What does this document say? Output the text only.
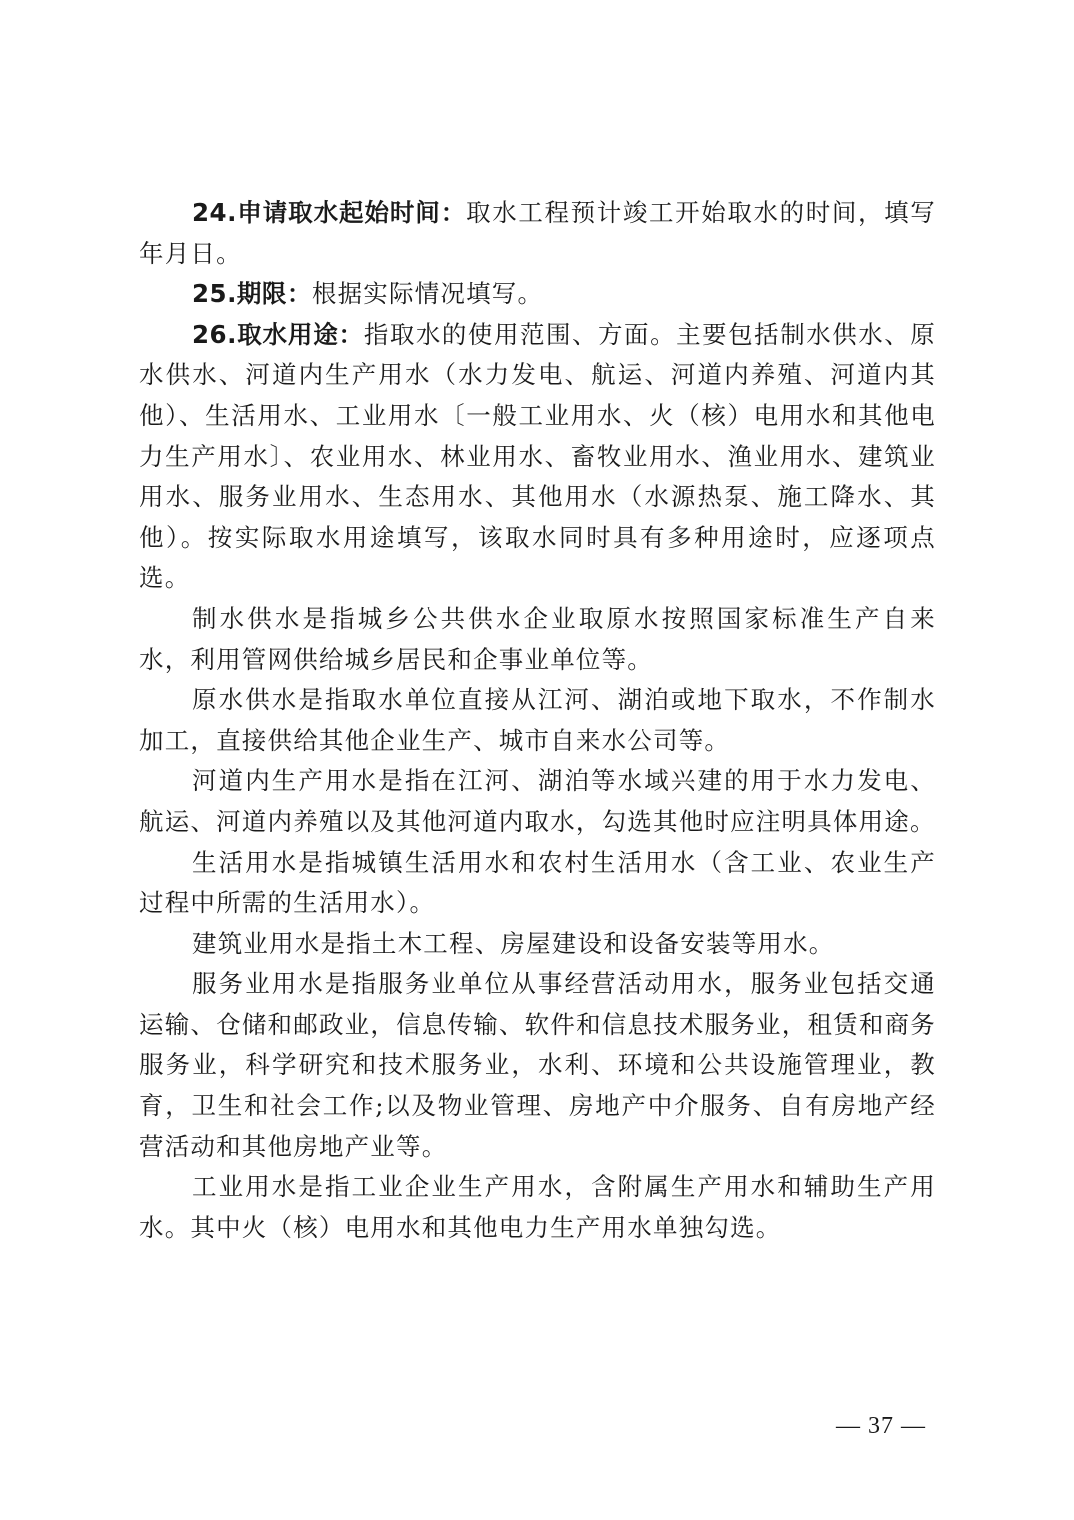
24.申请取水起始时间：取水工程预计竣工开始取水的时间，填写年月日。

25.期限：根据实际情况填写。

26.取水用途：指取水的使用范围、方面。主要包括制水供水、原水供水、河道内生产用水（水力发电、航运、河道内养殖、河道内其他）、生活用水、工业用水〔一般工业用水、火（核）电用水和其他电力生产用水〕、农业用水、林业用水、畜牧业用水、渔业用水、建筑业用水、服务业用水、生态用水、其他用水（水源热泵、施工降水、其他）。按实际取水用途填写，该取水同时具有多种用途时，应逐项点选。

制水供水是指城乡公共供水企业取原水按照国家标准生产自来水，利用管网供给城乡居民和企事业单位等。

原水供水是指取水单位直接从江河、湖泊或地下取水，不作制水加工，直接供给其他企业生产、城市自来水公司等。

河道内生产用水是指在江河、湖泊等水域兴建的用于水力发电、航运、河道内养殖以及其他河道内取水，勾选其他时应注明具体用途。

生活用水是指城镇生活用水和农村生活用水（含工业、农业生产过程中所需的生活用水）。

建筑业用水是指土木工程、房屋建设和设备安装等用水。

服务业用水是指服务业单位从事经营活动用水，服务业包括交通运输、仓储和邮政业，信息传输、软件和信息技术服务业，租赁和商务服务业，科学研究和技术服务业，水利、环境和公共设施管理业，教育，卫生和社会工作;以及物业管理、房地产中介服务、自有房地产经营活动和其他房地产业等。

工业用水是指工业企业生产用水，含附属生产用水和辅助生产用水。其中火（核）电用水和其他电力生产用水单独勾选。

— 37 —
